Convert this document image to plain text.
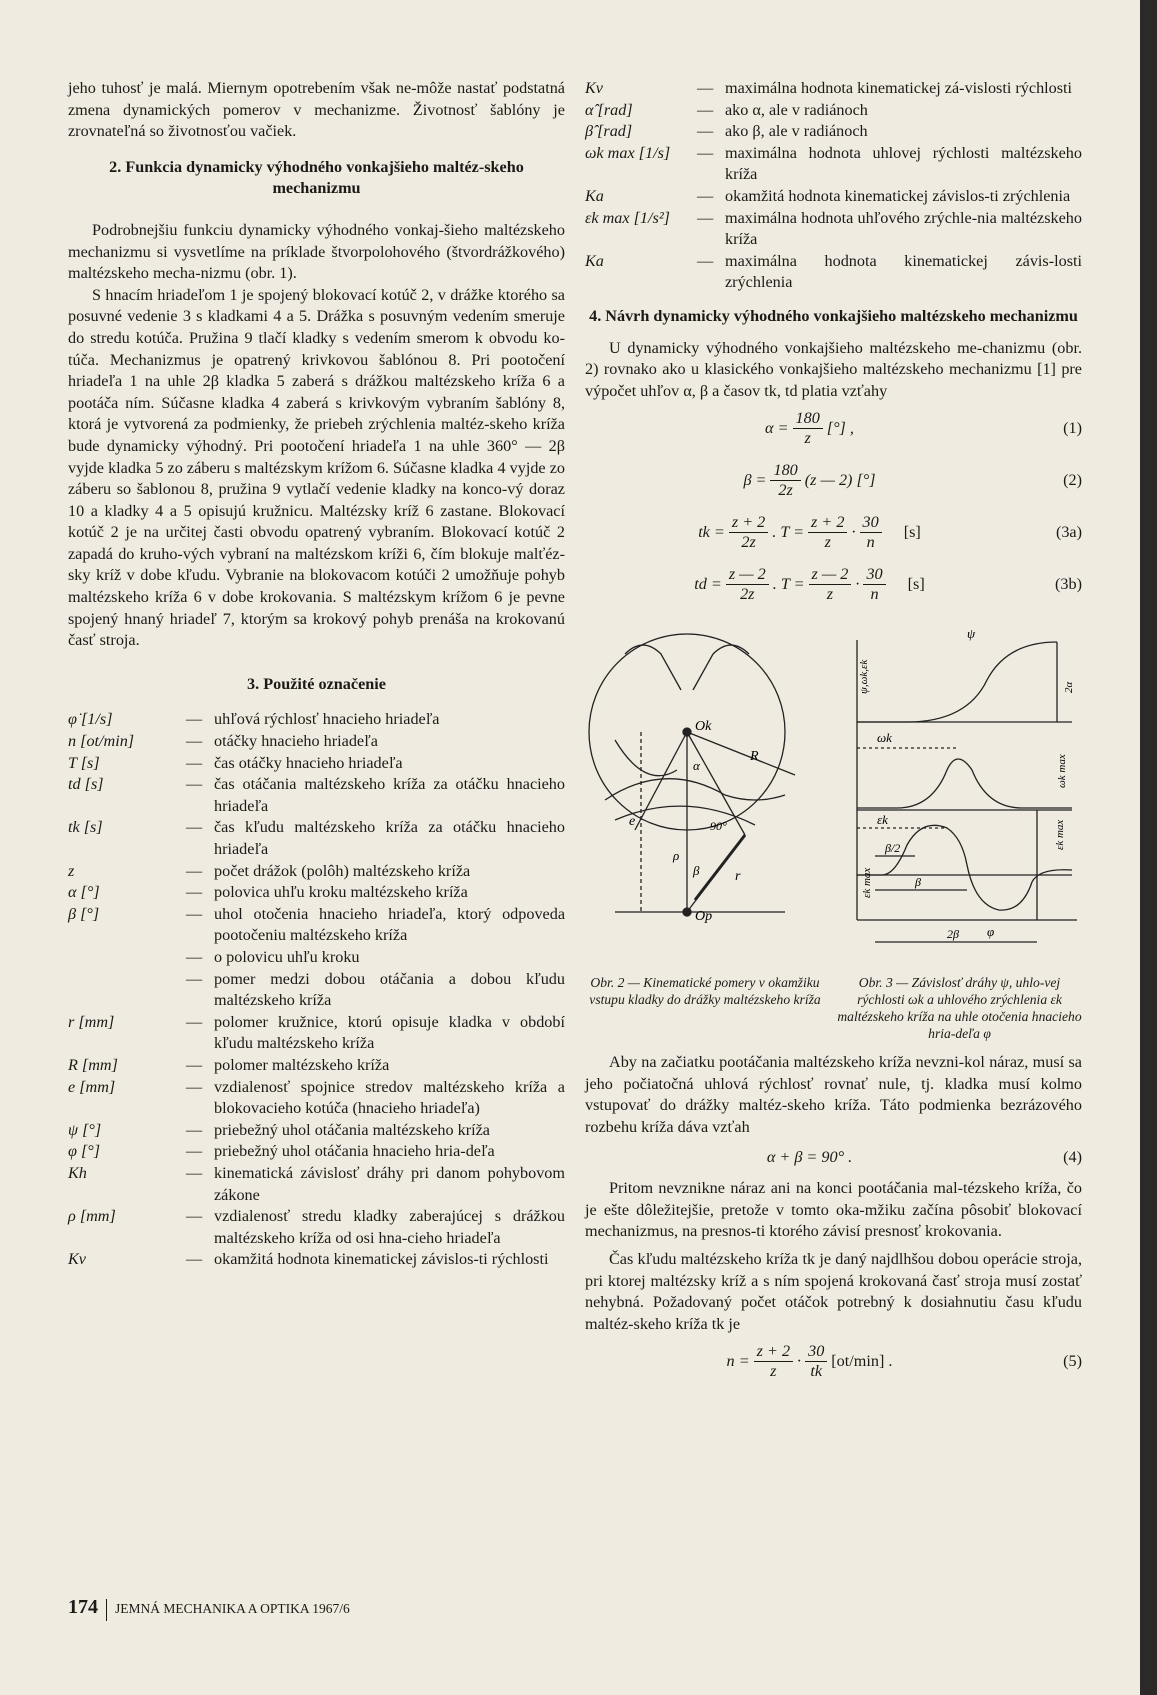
jeho tuhosť je malá. Miernym opotrebením však ne-môže nastať podstatná zmena dynamických pomerov v mechanizme. Životnosť šablóny je zrovnateľná so životnosťou vačiek.

2. Funkcia dynamicky výhodného vonkajšieho maltéz-skeho mechanizmu

Podrobnejšiu funkciu dynamicky výhodného vonkaj-šieho maltézskeho mechanizmu si vysvetlíme na príklade štvorpolohového (štvordrážkového) maltézskeho mecha-nizmu (obr. 1).

S hnacím hriadeľom 1 je spojený blokovací kotúč 2, v drážke ktorého sa posuvné vedenie 3 s kladkami 4 a 5. Drážka s posuvným vedením smeruje do stredu kotúča. Pružina 9 tlačí kladky s vedením smerom k obvodu ko-túča. Mechanizmus je opatrený krivkovou šablónou 8. Pri pootočení hriadeľa 1 na uhle 2β kladka 5 zaberá s drážkou maltézskeho kríža 6 a pootáča ním. Súčasne kladka 4 zaberá s krivkovým vybraním šablóny 8, ktorá je vytvorená za podmienky, že priebeh zrýchlenia maltéz-skeho kríža bude dynamicky výhodný. Pri pootočení hriadeľa 1 na uhle 360° — 2β vyjde kladka 5 zo záberu s maltézskym krížom 6. Súčasne kladka 4 vyjde zo záberu so šablonou 8, pružina 9 vytlačí vedenie kladky na konco-vý doraz 10 a kladky 4 a 5 opisujú kružnicu. Maltézsky kríž 6 zastane. Blokovací kotúč 2 je na určitej časti obvodu opatrený vybraním. Blokovací kotúč 2 zapadá do kruho-vých vybraní na maltézskom kríži 6, čím blokuje malťéz-sky kríž v dobe kľudu. Vybranie na blokovacom kotúči 2 umožňuje pohyb maltézskeho kríža 6 v dobe krokovania. S maltézskym krížom 6 je pevne spojený hnaný hriadeľ 7, ktorým sa krokový pohyb prenáša na krokovanú časť stroja.

3. Použité označenie
φ̇ [1/s]	— uhľová rýchlosť hnacieho hriadeľa
n [ot/min]	— otáčky hnacieho hriadeľa
T [s]	— čas otáčky hnacieho hriadeľa
td [s]	— čas otáčania maltézskeho kríža za otáčku hnacieho hriadeľa
tk [s]	— čas kľudu maltézskeho kríža za otáčku hnacieho hriadeľa
z	— počet drážok (polôh) maltézskeho kríža
α [°]	— polovica uhľu kroku maltézskeho kríža
β [°]	— uhol otočenia hnacieho hriadeľa, ktorý odpoveda pootočeniu maltézskeho kríža
— o polovicu uhľu kroku
— pomer medzi dobou otáčania a dobou kľudu maltézskeho kríža
r [mm]	— polomer kružnice, ktorú opisuje kladka v období kľudu maltézskeho kríža
R [mm]	— polomer maltézskeho kríža
e [mm]	— vzdialenosť spojnice stredov maltézskeho kríža a blokovacieho kotúča (hnacieho hriadeľa)
ψ [°]	— priebežný uhol otáčania maltézskeho kríža
φ [°]	— priebežný uhol otáčania hnacieho hria-deľa
Kh	— kinematická závislosť dráhy pri danom pohybovom zákone
ρ [mm]	— vzdialenosť stredu kladky zaberajúcej s drážkou maltézskeho kríža od osi hna-cieho hriadeľa
Kv	— okamžitá hodnota kinematickej závislos-ti rýchlosti
Kv	— maximálna hodnota kinematickej zá-vislosti rýchlosti
α̂ [rad]	— ako α, ale v radiánoch
β̂ [rad]	— ako β, ale v radiánoch
ωk max [1/s]	— maximálna hodnota uhlovej rýchlosti maltézskeho kríža
Ka	— okamžitá hodnota kinematickej závislos-ti zrýchlenia
εk max [1/s²]	— maximálna hodnota uhľového zrýchle-nia maltézskeho kríža
Ka	— maximálna hodnota kinematickej závis-losti zrýchlenia
4. Návrh dynamicky výhodného vonkajšieho maltézskeho mechanizmu

U dynamicky výhodného vonkajšieho maltézskeho me-chanizmu (obr. 2) rovnako ako u klasického vonkajšieho maltézskeho mechanizmu [1] pre výpočet uhľov α, β a časov tk, td platia vzťahy

$\alpha = \frac{180}{z}$ [°] ,	(1)
$\beta = \frac{180}{2z} (z$ — 2) [°]	(2)
tk = $\frac{z + 2}{2z}$ . $T = \frac{z + 2}{z} \cdot \frac{30}{n} [s]$	(3a)
td = $\frac{z — 2}{2z}$ . $T = \frac{z — 2}{z} \cdot \frac{30}{n} [s]$	(3b)
Ok
Op
R
r
e	90°
α
β
ρ
ψ
ψ,ωk,εk	2α
ωk
ωk max
εk
εk max
εk max
β/2
β
2β φ
Obr. 2 — Kinematické pomery v okamžiku vstupu kladky do drážky maltézskeho kríža
Obr. 3 — Závislosť dráhy ψ, uhlo-vej rýchlosti ωk a uhlového zrýchlenia εk maltézskeho kríža na uhle otočenia hnacieho hria-deľa φ

Aby na začiatku pootáčania maltézskeho kríža nevzni-kol náraz, musí sa jeho počiatočná uhlová rýchlosť rovnať nule, tj. kladka musí kolmo vstupovať do drážky maltéz-skeho kríža. Táto podmienka bezrázového rozbehu kríža dáva vzťah

α + β = 90° .	(4)

Pritom nevznikne náraz ani na konci pootáčania mal-tézskeho kríža, čo je ešte dôležitejšie, pretože v tomto oka-mžiku začína pôsobiť blokovací mechanizmus, na presnos-ti ktorého závisí presnosť krokovania.

Čas kľudu maltézskeho kríža tk je daný najdlhšou dobou operácie stroja, pri ktorej maltézsky kríž a s ním spojená krokovaná časť stroja musí zostať nehybná. Požadovaný počet otáčok potrebný k dosiahnutiu času kľudu maltéz-skeho kríža tk je

$n = \frac{z + 2}{z} \cdot \frac{30}{tk} [ot/\min]$ .	(5)
174 JEMNÁ MECHANIKA A OPTIKA 1967/6
